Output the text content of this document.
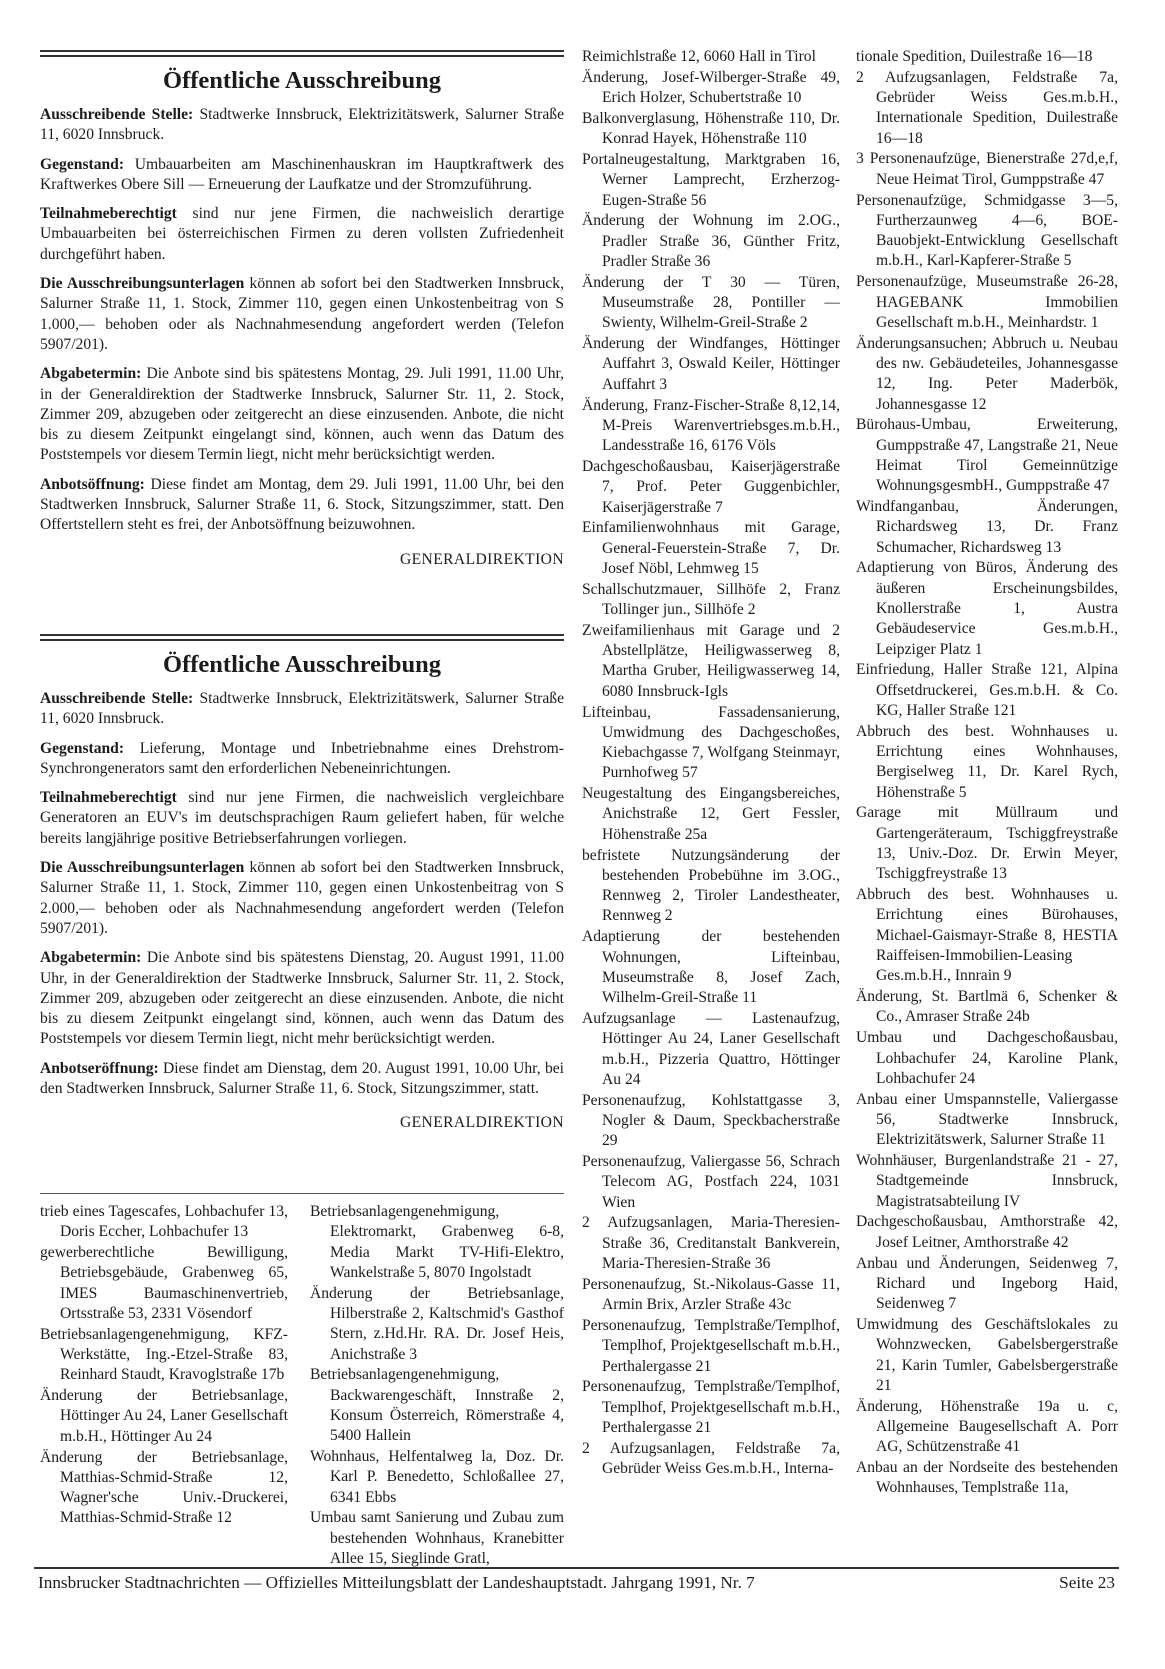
Öffentliche Ausschreibung

Ausschreibende Stelle: Stadtwerke Innsbruck, Elektrizitätswerk, Salurner Straße 11, 6020 Innsbruck.

Gegenstand: Umbauarbeiten am Maschinenhauskran im Hauptkraftwerk des Kraftwerkes Obere Sill — Erneuerung der Laufkatze und der Stromzuführung.

Teilnahmeberechtigt sind nur jene Firmen, die nachweislich derartige Umbauarbeiten bei österreichischen Firmen zu deren vollsten Zufriedenheit durchgeführt haben.

Die Ausschreibungsunterlagen können ab sofort bei den Stadtwerken Innsbruck, Salurner Straße 11, 1. Stock, Zimmer 110, gegen einen Unkostenbeitrag von S 1.000,— behoben oder als Nachnahmesendung angefordert werden (Telefon 5907/201).

Abgabetermin: Die Anbote sind bis spätestens Montag, 29. Juli 1991, 11.00 Uhr, in der Generaldirektion der Stadtwerke Innsbruck, Salurner Str. 11, 2. Stock, Zimmer 209, abzugeben oder zeitgerecht an diese einzusenden. Anbote, die nicht bis zu diesem Zeitpunkt eingelangt sind, können, auch wenn das Datum des Poststempels vor diesem Termin liegt, nicht mehr berücksichtigt werden.

Anbotsöffnung: Diese findet am Montag, dem 29. Juli 1991, 11.00 Uhr, bei den Stadtwerken Innsbruck, Salurner Straße 11, 6. Stock, Sitzungszimmer, statt. Den Offertstellern steht es frei, der Anbotsöffnung beizuwohnen.

GENERALDIREKTION
Öffentliche Ausschreibung

Ausschreibende Stelle: Stadtwerke Innsbruck, Elektrizitätswerk, Salurner Straße 11, 6020 Innsbruck.

Gegenstand: Lieferung, Montage und Inbetriebnahme eines Drehstrom-Synchrongenerators samt den erforderlichen Nebeneinrichtungen.

Teilnahmeberechtigt sind nur jene Firmen, die nachweislich vergleichbare Generatoren an EUV's im deutschsprachigen Raum geliefert haben, für welche bereits langjährige positive Betriebserfahrungen vorliegen.

Die Ausschreibungsunterlagen können ab sofort bei den Stadtwerken Innsbruck, Salurner Straße 11, 1. Stock, Zimmer 110, gegen einen Unkostenbeitrag von S 2.000,— behoben oder als Nachnahmesendung angefordert werden (Telefon 5907/201).

Abgabetermin: Die Anbote sind bis spätestens Dienstag, 20. August 1991, 11.00 Uhr, in der Generaldirektion der Stadtwerke Innsbruck, Salurner Str. 11, 2. Stock, Zimmer 209, abzugeben oder zeitgerecht an diese einzusenden. Anbote, die nicht bis zu diesem Zeitpunkt eingelangt sind, können, auch wenn das Datum des Poststempels vor diesem Termin liegt, nicht mehr berücksichtigt werden.

Anbotseröffnung: Diese findet am Dienstag, dem 20. August 1991, 10.00 Uhr, bei den Stadtwerken Innsbruck, Salurner Straße 11, 6. Stock, Sitzungszimmer, statt.

GENERALDIREKTION
trieb eines Tagescafes, Lohbachufer 13, Doris Eccher, Lohbachufer 13
gewerberechtliche Bewilligung, Betriebsgebäude, Grabenweg 65, IMES Baumaschinenvertrieb, Ortsstraße 53, 2331 Vösendorf
Betriebsanlagengenehmigung, KFZ-Werkstätte, Ing.-Etzel-Straße 83, Reinhard Staudt, Kravoglstraße 17b
Änderung der Betriebsanlage, Höttinger Au 24, Laner Gesellschaft m.b.H., Höttinger Au 24
Änderung der Betriebsanlage, Matthias-Schmid-Straße 12, Wagner'sche Univ.-Druckerei, Matthias-Schmid-Straße 12
Betriebsanlagengenehmigung, Elektromarkt, Grabenweg 6-8, Media Markt TV-Hifi-Elektro, Wankelstraße 5, 8070 Ingolstadt
Änderung der Betriebsanlage, Hilberstraße 2, Kaltschmid's Gasthof Stern, z.Hd.Hr. RA. Dr. Josef Heis, Anichstraße 3
Betriebsanlagengenehmigung, Backwarengeschäft, Innstraße 2, Konsum Österreich, Römerstraße 4, 5400 Hallein
Wohnhaus, Helfentalweg la, Doz. Dr. Karl P. Benedetto, Schloßallee 27, 6341 Ebbs
Umbau samt Sanierung und Zubau zum bestehenden Wohnhaus, Kranebitter Allee 15, Sieglinde Gratl,
Reimichlstraße 12, 6060 Hall in Tirol
Änderung, Josef-Wilberger-Straße 49, Erich Holzer, Schubertstraße 10
Balkonverglasung, Höhenstraße 110, Dr. Konrad Hayek, Höhenstraße 110
Portalneugestaltung, Marktgraben 16, Werner Lamprecht, Erzherzog-Eugen-Straße 56
Änderung der Wohnung im 2.OG., Pradler Straße 36, Günther Fritz, Pradler Straße 36
Änderung der T 30 — Türen, Museumstraße 28, Pontiller — Swienty, Wilhelm-Greil-Straße 2
Änderung der Windfanges, Höttinger Auffahrt 3, Oswald Keiler, Höttinger Auffahrt 3
Änderung, Franz-Fischer-Straße 8,12,14, M-Preis Warenvertriebsges.m.b.H., Landesstraße 16, 6176 Völs
Dachgeschoßausbau, Kaiserjägerstraße 7, Prof. Peter Guggenbichler, Kaiserjägerstraße 7
Einfamilienwohnhaus mit Garage, General-Feuerstein-Straße 7, Dr. Josef Nöbl, Lehmweg 15
Schallschutzmauer, Sillhöfe 2, Franz Tollinger jun., Sillhöfe 2
Zweifamilienhaus mit Garage und 2 Abstellplätze, Heiligwasserweg 8, Martha Gruber, Heiligwasserweg 14, 6080 Innsbruck-Igls
Lifteinbau, Fassadensanierung, Umwidmung des Dachgeschoßes, Kiebachgasse 7, Wolfgang Steinmayr, Purnhofweg 57
Neugestaltung des Eingangsbereiches, Anichstraße 12, Gert Fessler, Höhenstraße 25a
befristete Nutzungsänderung der bestehenden Probebühne im 3.OG., Rennweg 2, Tiroler Landestheater, Rennweg 2
Adaptierung der bestehenden Wohnungen, Lifteinbau, Museumstraße 8, Josef Zach, Wilhelm-Greil-Straße 11
Aufzugsanlage — Lastenaufzug, Höttinger Au 24, Laner Gesellschaft m.b.H., Pizzeria Quattro, Höttinger Au 24
Personenaufzug, Kohlstattgasse 3, Nogler & Daum, Speckbacherstraße 29
Personenaufzug, Valiergasse 56, Schrach Telecom AG, Postfach 224, 1031 Wien
2 Aufzugsanlagen, Maria-Theresien-Straße 36, Creditanstalt Bankverein, Maria-Theresien-Straße 36
Personenaufzug, St.-Nikolaus-Gasse 11, Armin Brix, Arzler Straße 43c
Personenaufzug, Templstraße/Templhof, Templhof, Projektgesellschaft m.b.H., Perthalergasse 21
Personenaufzug, Templstraße/Templhof, Templhof, Projektgesellschaft m.b.H., Perthalergasse 21
2 Aufzugsanlagen, Feldstraße 7a, Gebrüder Weiss Ges.m.b.H., Interna-
tionale Spedition, Duilestraße 16—18
2 Aufzugsanlagen, Feldstraße 7a, Gebrüder Weiss Ges.m.b.H., Internationale Spedition, Duilestraße 16—18
3 Personenaufzüge, Bienerstraße 27d,e,f, Neue Heimat Tirol, Gumppstraße 47
Personenaufzüge, Schmidgasse 3—5, Furtherzaunweg 4—6, BOE-Bauobjekt-Entwicklung Gesellschaft m.b.H., Karl-Kapferer-Straße 5
Personenaufzüge, Museumstraße 26-28, HAGEBANK Immobilien Gesellschaft m.b.H., Meinhardstr. 1
Änderungsansuchen; Abbruch u. Neubau des nw. Gebäudeteiles, Johannesgasse 12, Ing. Peter Maderbök, Johannesgasse 12
Bürohaus-Umbau, Erweiterung, Gumppstraße 47, Langstraße 21, Neue Heimat Tirol Gemeinnützige WohnungsgesmbH., Gumppstraße 47
Windfanganbau, Änderungen, Richardsweg 13, Dr. Franz Schumacher, Richardsweg 13
Adaptierung von Büros, Änderung des äußeren Erscheinungsbildes, Knollerstraße 1, Austra Gebäudeservice Ges.m.b.H., Leipziger Platz 1
Einfriedung, Haller Straße 121, Alpina Offsetdruckerei, Ges.m.b.H. & Co. KG, Haller Straße 121
Abbruch des best. Wohnhauses u. Errichtung eines Wohnhauses, Bergiselweg 11, Dr. Karel Rych, Höhenstraße 5
Garage mit Müllraum und Gartengeräteraum, Tschiggfreystraße 13, Univ.-Doz. Dr. Erwin Meyer, Tschiggfreystraße 13
Abbruch des best. Wohnhauses u. Errichtung eines Bürohauses, Michael-Gaismayr-Straße 8, HESTIA Raiffeisen-Immobilien-Leasing Ges.m.b.H., Innrain 9
Änderung, St. Bartlmä 6, Schenker & Co., Amraser Straße 24b
Umbau und Dachgeschoßausbau, Lohbachufer 24, Karoline Plank, Lohbachufer 24
Anbau einer Umspannstelle, Valiergasse 56, Stadtwerke Innsbruck, Elektrizitätswerk, Salurner Straße 11
Wohnhäuser, Burgenlandstraße 21 - 27, Stadtgemeinde Innsbruck, Magistratsabteilung IV
Dachgeschoßausbau, Amthorstraße 42, Josef Leitner, Amthorstraße 42
Anbau und Änderungen, Seidenweg 7, Richard und Ingeborg Haid, Seidenweg 7
Umwidmung des Geschäftslokales zu Wohnzwecken, Gabelsbergerstraße 21, Karin Tumler, Gabelsbergerstraße 21
Änderung, Höhenstraße 19a u. c, Allgemeine Baugesellschaft A. Porr AG, Schützenstraße 41
Anbau an der Nordseite des bestehenden Wohnhauses, Templstraße 11a,
Innsbrucker Stadtnachrichten — Offizielles Mitteilungsblatt der Landeshauptstadt. Jahrgang 1991, Nr. 7	Seite 23
